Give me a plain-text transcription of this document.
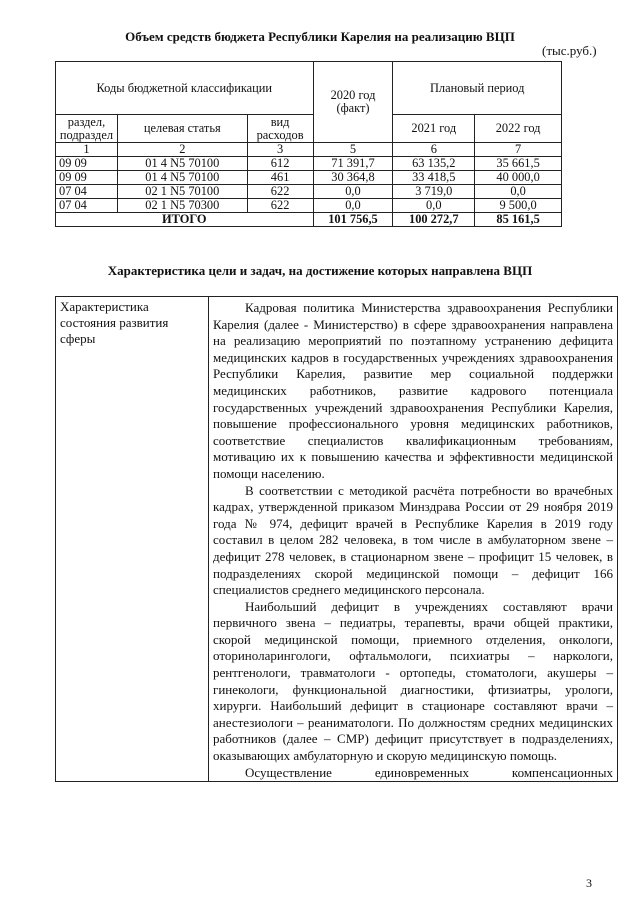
Объем средств бюджета Республики Карелия на реализацию ВЦП
(тыс.руб.)
Коды бюджетной классификации			2020 год (факт)	Плановый период	
раздел, подраздел	целевая статья	вид расходов		2021 год	2022 год
1	2	3	5	6	7
09 09	01 4 N5 70100	612	71 391,7	63 135,2	35 661,5
09 09	01 4 N5 70100	461	30 364,8	33 418,5	40 000,0
07 04	02 1 N5 70100	622	0,0	3 719,0	0,0
07 04	02 1 N5 70300	622	0,0	0,0	9 500,0
ИТОГО			101 756,5	100 272,7	85 161,5
Характеристика цели и задач, на достижение которых направлена ВЦП
Характеристика состояния развития сферы	

Кадровая политика Министерства здравоохранения Республики Карелия (далее - Министерство) в сфере здравоохранения направлена на реализацию мероприятий по поэтапному устранению дефицита медицинских кадров в государственных учреждениях здравоохранения Республики Карелия, развитие мер социальной поддержки медицинских работников, развитие кадрового потенциала государственных учреждений здравоохранения Республики Карелия, повышение профессионального уровня медицинских работников, соответствие специалистов квалификационным требованиям, мотивацию их к повышению качества и эффективности медицинской помощи населению.

В соответствии с методикой расчёта потребности во врачебных кадрах, утвержденной приказом Минздрава России от 29 ноября 2019 года № 974, дефицит врачей в Республике Карелия в 2019 году составил в целом 282 человека, в том числе в амбулаторном звене – дефицит 278 человек, в стационарном звене – профицит 15 человек, в подразделениях скорой медицинской помощи – дефицит 166 специалистов среднего медицинского персонала.

Наибольший дефицит в учреждениях составляют врачи первичного звена – педиатры, терапевты, врачи общей практики, скорой медицинской помощи, приемного отделения, онкологи, оториноларингологи, офтальмологи, психиатры – наркологи, рентгенологи, травматологи - ортопеды, стоматологи, акушеры – гинекологи, функциональной диагностики, фтизиатры, урологи, хирурги. Наибольший дефицит в стационаре составляют врачи – анестезиологи – реаниматологи. По должностям средних медицинских работников (далее – СМР) дефицит присутствует в подразделениях, оказывающих амбулаторную и скорую медицинскую помощь.

Осуществление единовременных компенсационных

3
